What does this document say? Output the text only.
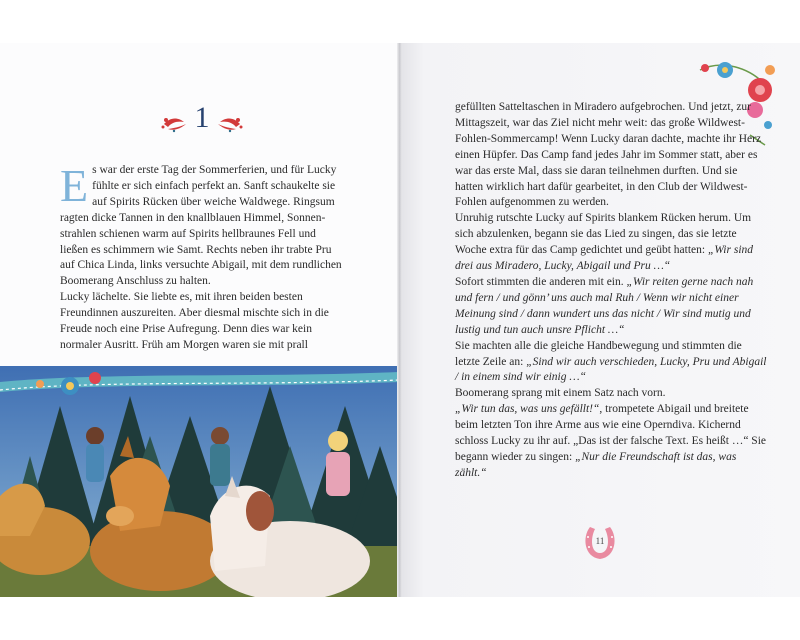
1

Es war der erste Tag der Sommerferien, und für Lucky fühlte er sich einfach perfekt an. Sanft schaukelte sie auf Spirits Rücken über weiche Waldwege. Ringsum ragten dicke Tannen in den knallblauen Himmel, Sonnenstrahlen schienen warm auf Spirits hellbraunes Fell und ließen es schimmern wie Samt. Rechts neben ihr trabte Pru auf Chica Linda, links versuchte Abigail, mit dem rundlichen Boomerang Anschluss zu halten.

Lucky lächelte. Sie liebte es, mit ihren beiden besten Freundinnen auszureiten. Aber diesmal mischte sich in die Freude noch eine Prise Aufregung. Denn dies war kein normaler Ausritt. Früh am Morgen waren sie mit prall

gefüllten Satteltaschen in Miradero aufgebrochen. Und jetzt, zur Mittagszeit, war das Ziel nicht mehr weit: das große Wildwest-Fohlen-Sommercamp! Wenn Lucky daran dachte, machte ihr Herz einen Hüpfer. Das Camp fand jedes Jahr im Sommer statt, aber es war das erste Mal, dass sie daran teilnehmen durften. Und sie hatten wirklich hart dafür gearbeitet, in den Club der Wildwest-Fohlen aufgenommen zu werden.

Unruhig rutschte Lucky auf Spirits blankem Rücken herum. Um sich abzulenken, begann sie das Lied zu singen, das sie letzte Woche extra für das Camp gedichtet und geübt hatten: „Wir sind drei aus Miradero, Lucky, Abigail und Pru …“

Sofort stimmten die anderen mit ein. „Wir reiten gerne nach nah und fern / und gönn’ uns auch mal Ruh / Wenn wir nicht einer Meinung sind / dann wundert uns das nicht / Wir sind mutig und lustig und tun auch unsre Pflicht …“

Sie machten alle die gleiche Handbewegung und stimmten die letzte Zeile an: „Sind wir auch verschieden, Lucky, Pru und Abigail / in einem sind wir einig …“

Boomerang sprang mit einem Satz nach vorn.

„Wir tun das, was uns gefällt!“, trompetete Abigail und breitete beim letzten Ton ihre Arme aus wie eine Operndiva. Kichernd schloss Lucky zu ihr auf. „Das ist der falsche Text. Es heißt …“ Sie begann wieder zu singen: „Nur die Freundschaft ist das, was zählt.“

11
